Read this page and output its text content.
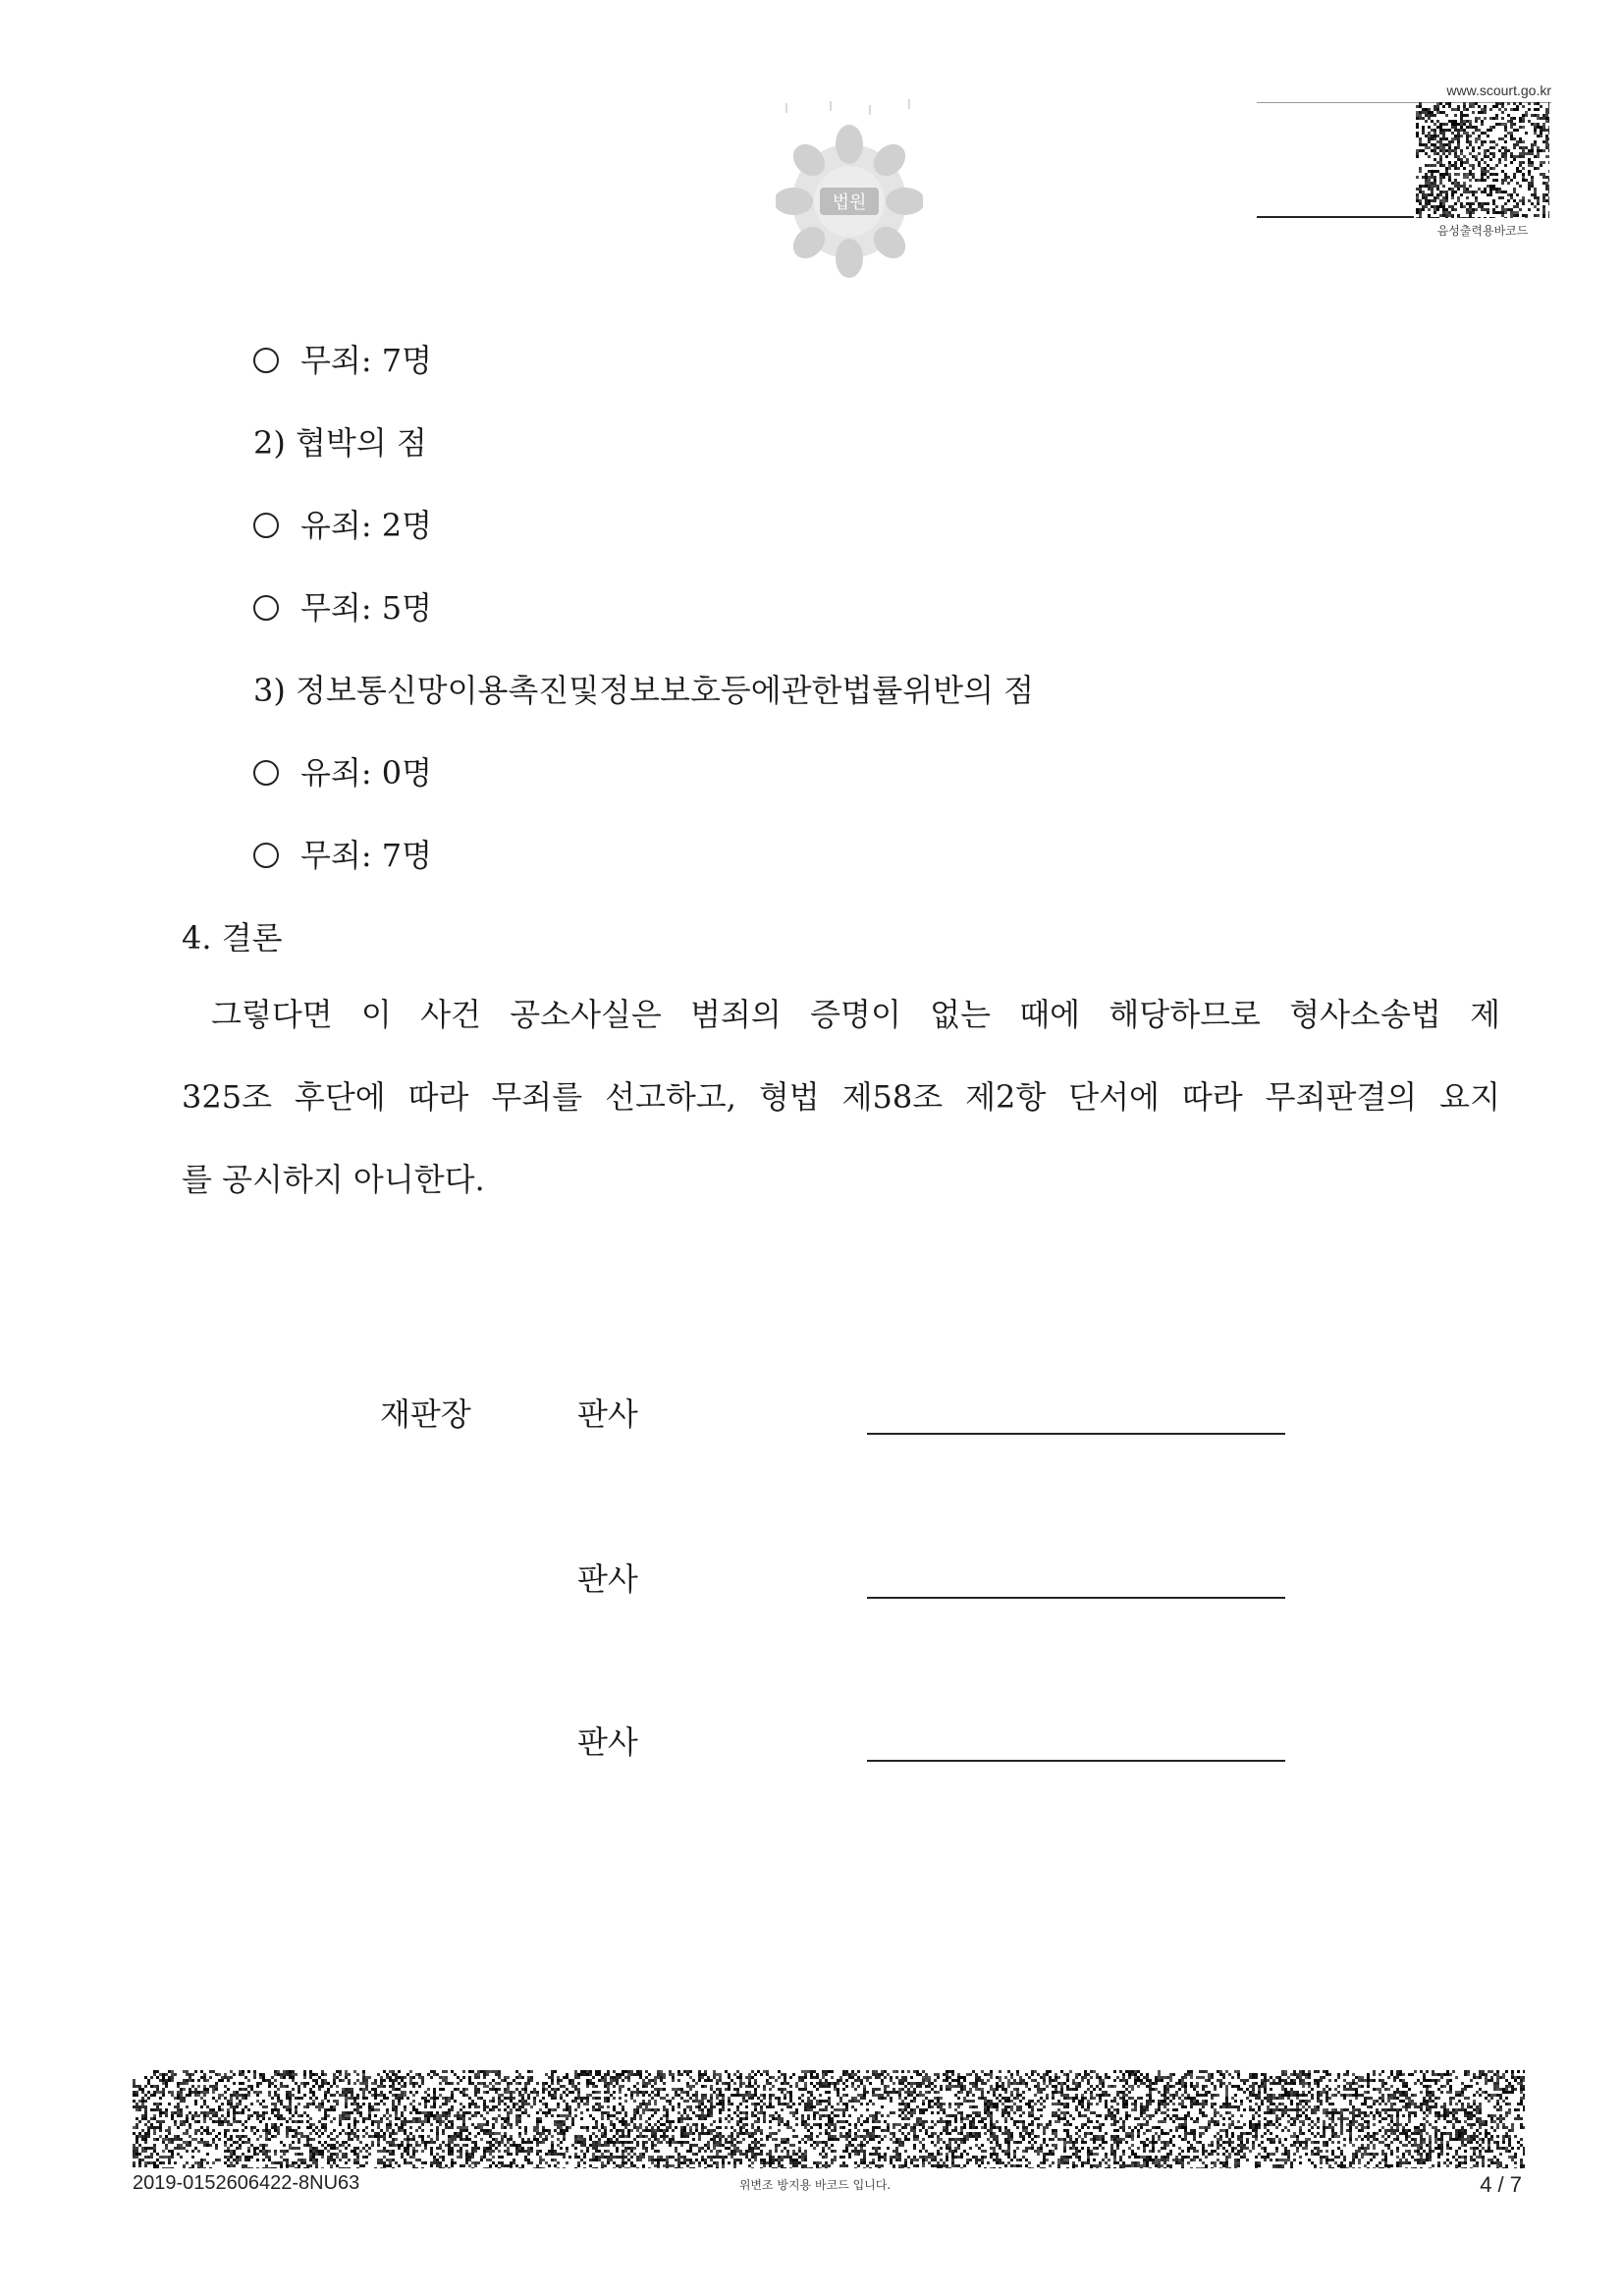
법원
www.scourt.go.kr
음성출력용바코드
무죄: 7명
2) 협박의 점
유죄: 2명
무죄: 5명
3) 정보통신망이용촉진및정보보호등에관한법률위반의 점
유죄: 0명
무죄: 7명
4. 결론
그렇다면 이 사건 공소사실은 범죄의 증명이 없는 때에 해당하므로 형사소송법 제
325조 후단에 따라 무죄를 선고하고, 형법 제58조 제2항 단서에 따라 무죄판결의 요지
를 공시하지 아니한다.
재판장	판사
판사
판사
2019-0152606422-8NU63	위변조 방지용 바코드 입니다.	4 / 7
